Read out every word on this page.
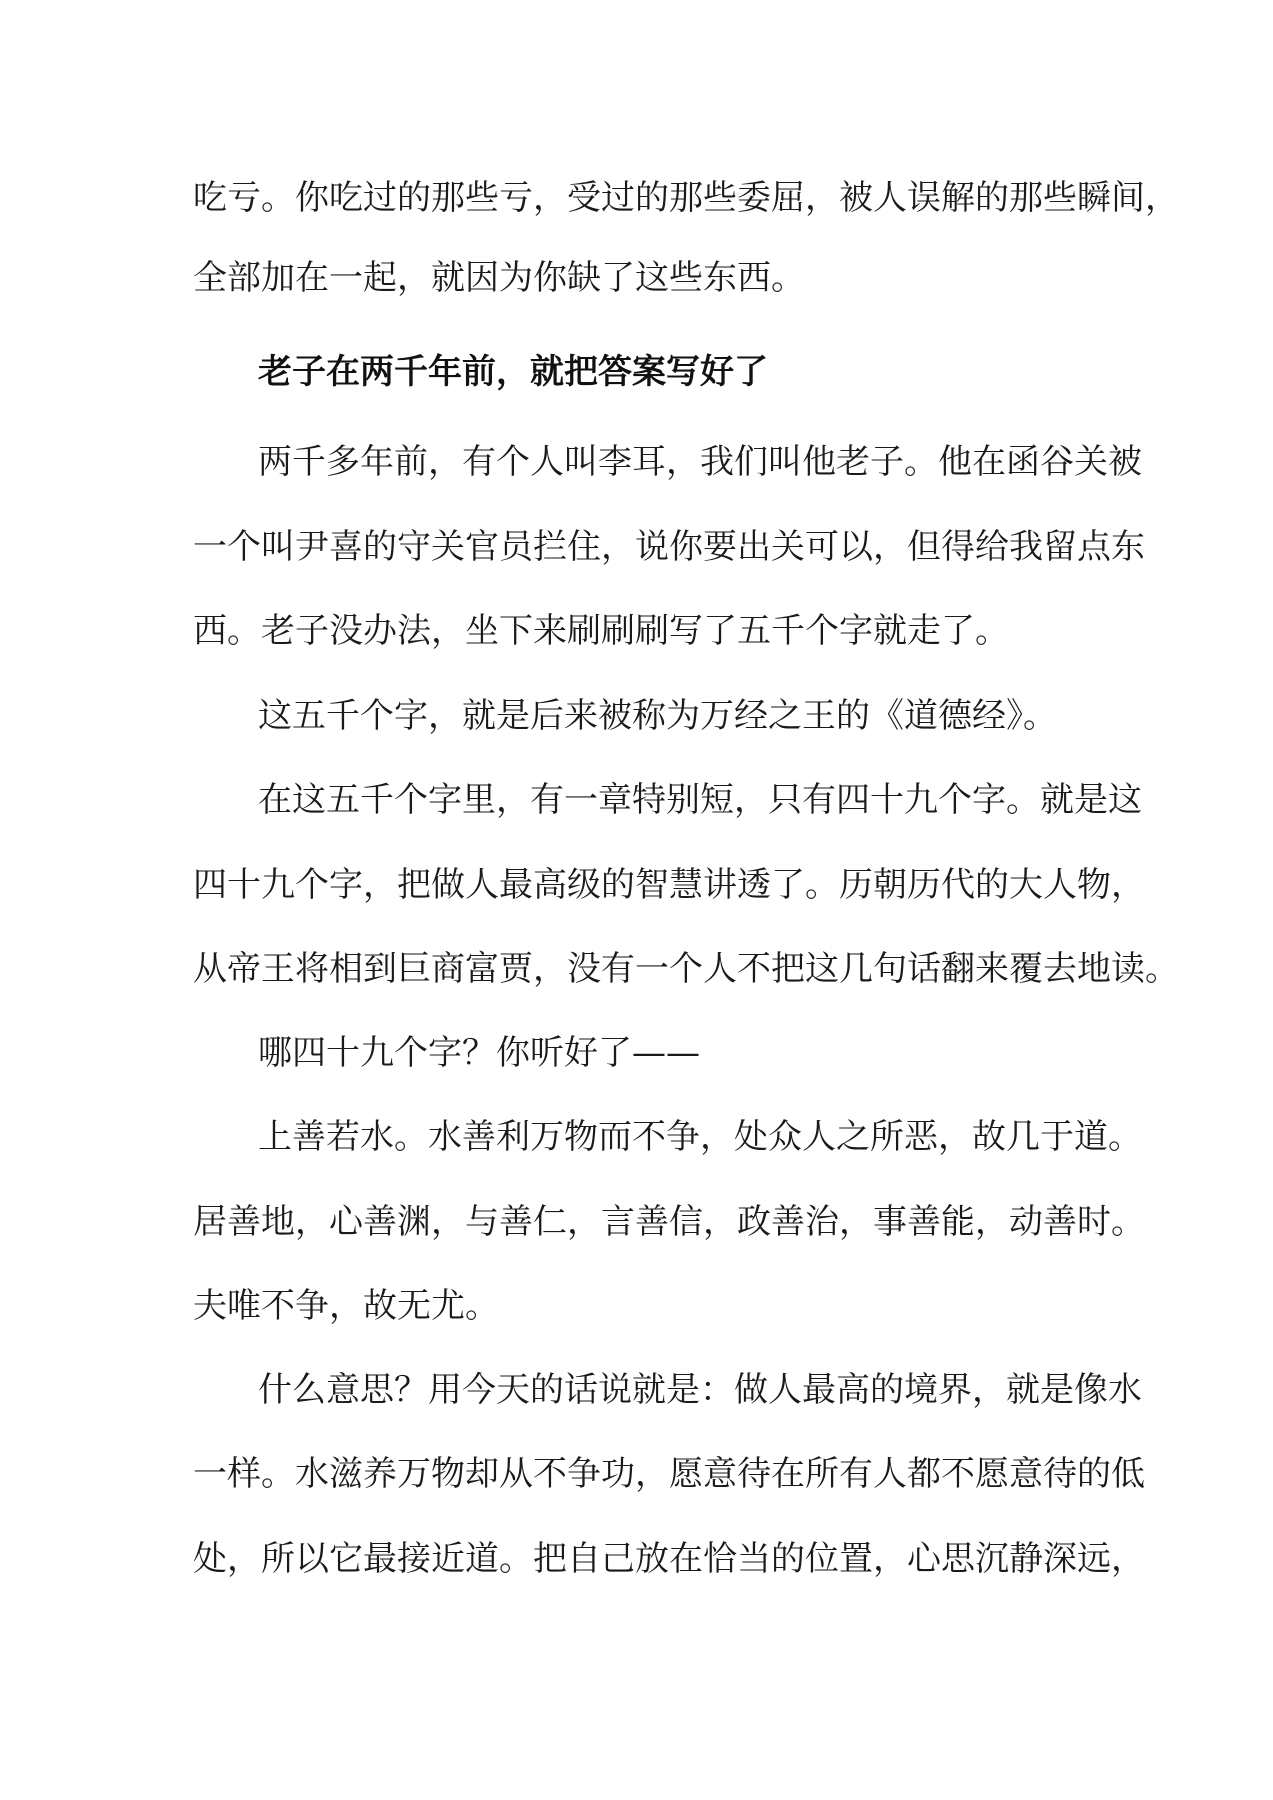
吃亏。你吃过的那些亏，受过的那些委屈，被人误解的那些瞬间，
全部加在一起，就因为你缺了这些东西。
老子在两千年前，就把答案写好了
两千多年前，有个人叫李耳，我们叫他老子。他在函谷关被
一个叫尹喜的守关官员拦住，说你要出关可以，但得给我留点东
西。老子没办法，坐下来刷刷刷写了五千个字就走了。
这五千个字，就是后来被称为万经之王的《道德经》。
在这五千个字里，有一章特别短，只有四十九个字。就是这
四十九个字，把做人最高级的智慧讲透了。历朝历代的大人物，
从帝王将相到巨商富贾，没有一个人不把这几句话翻来覆去地读。
哪四十九个字？你听好了——
上善若水。水善利万物而不争，处众人之所恶，故几于道。
居善地，心善渊，与善仁，言善信，政善治，事善能，动善时。
夫唯不争，故无尤。
什么意思？用今天的话说就是：做人最高的境界，就是像水
一样。水滋养万物却从不争功，愿意待在所有人都不愿意待的低
处，所以它最接近道。把自己放在恰当的位置，心思沉静深远，
